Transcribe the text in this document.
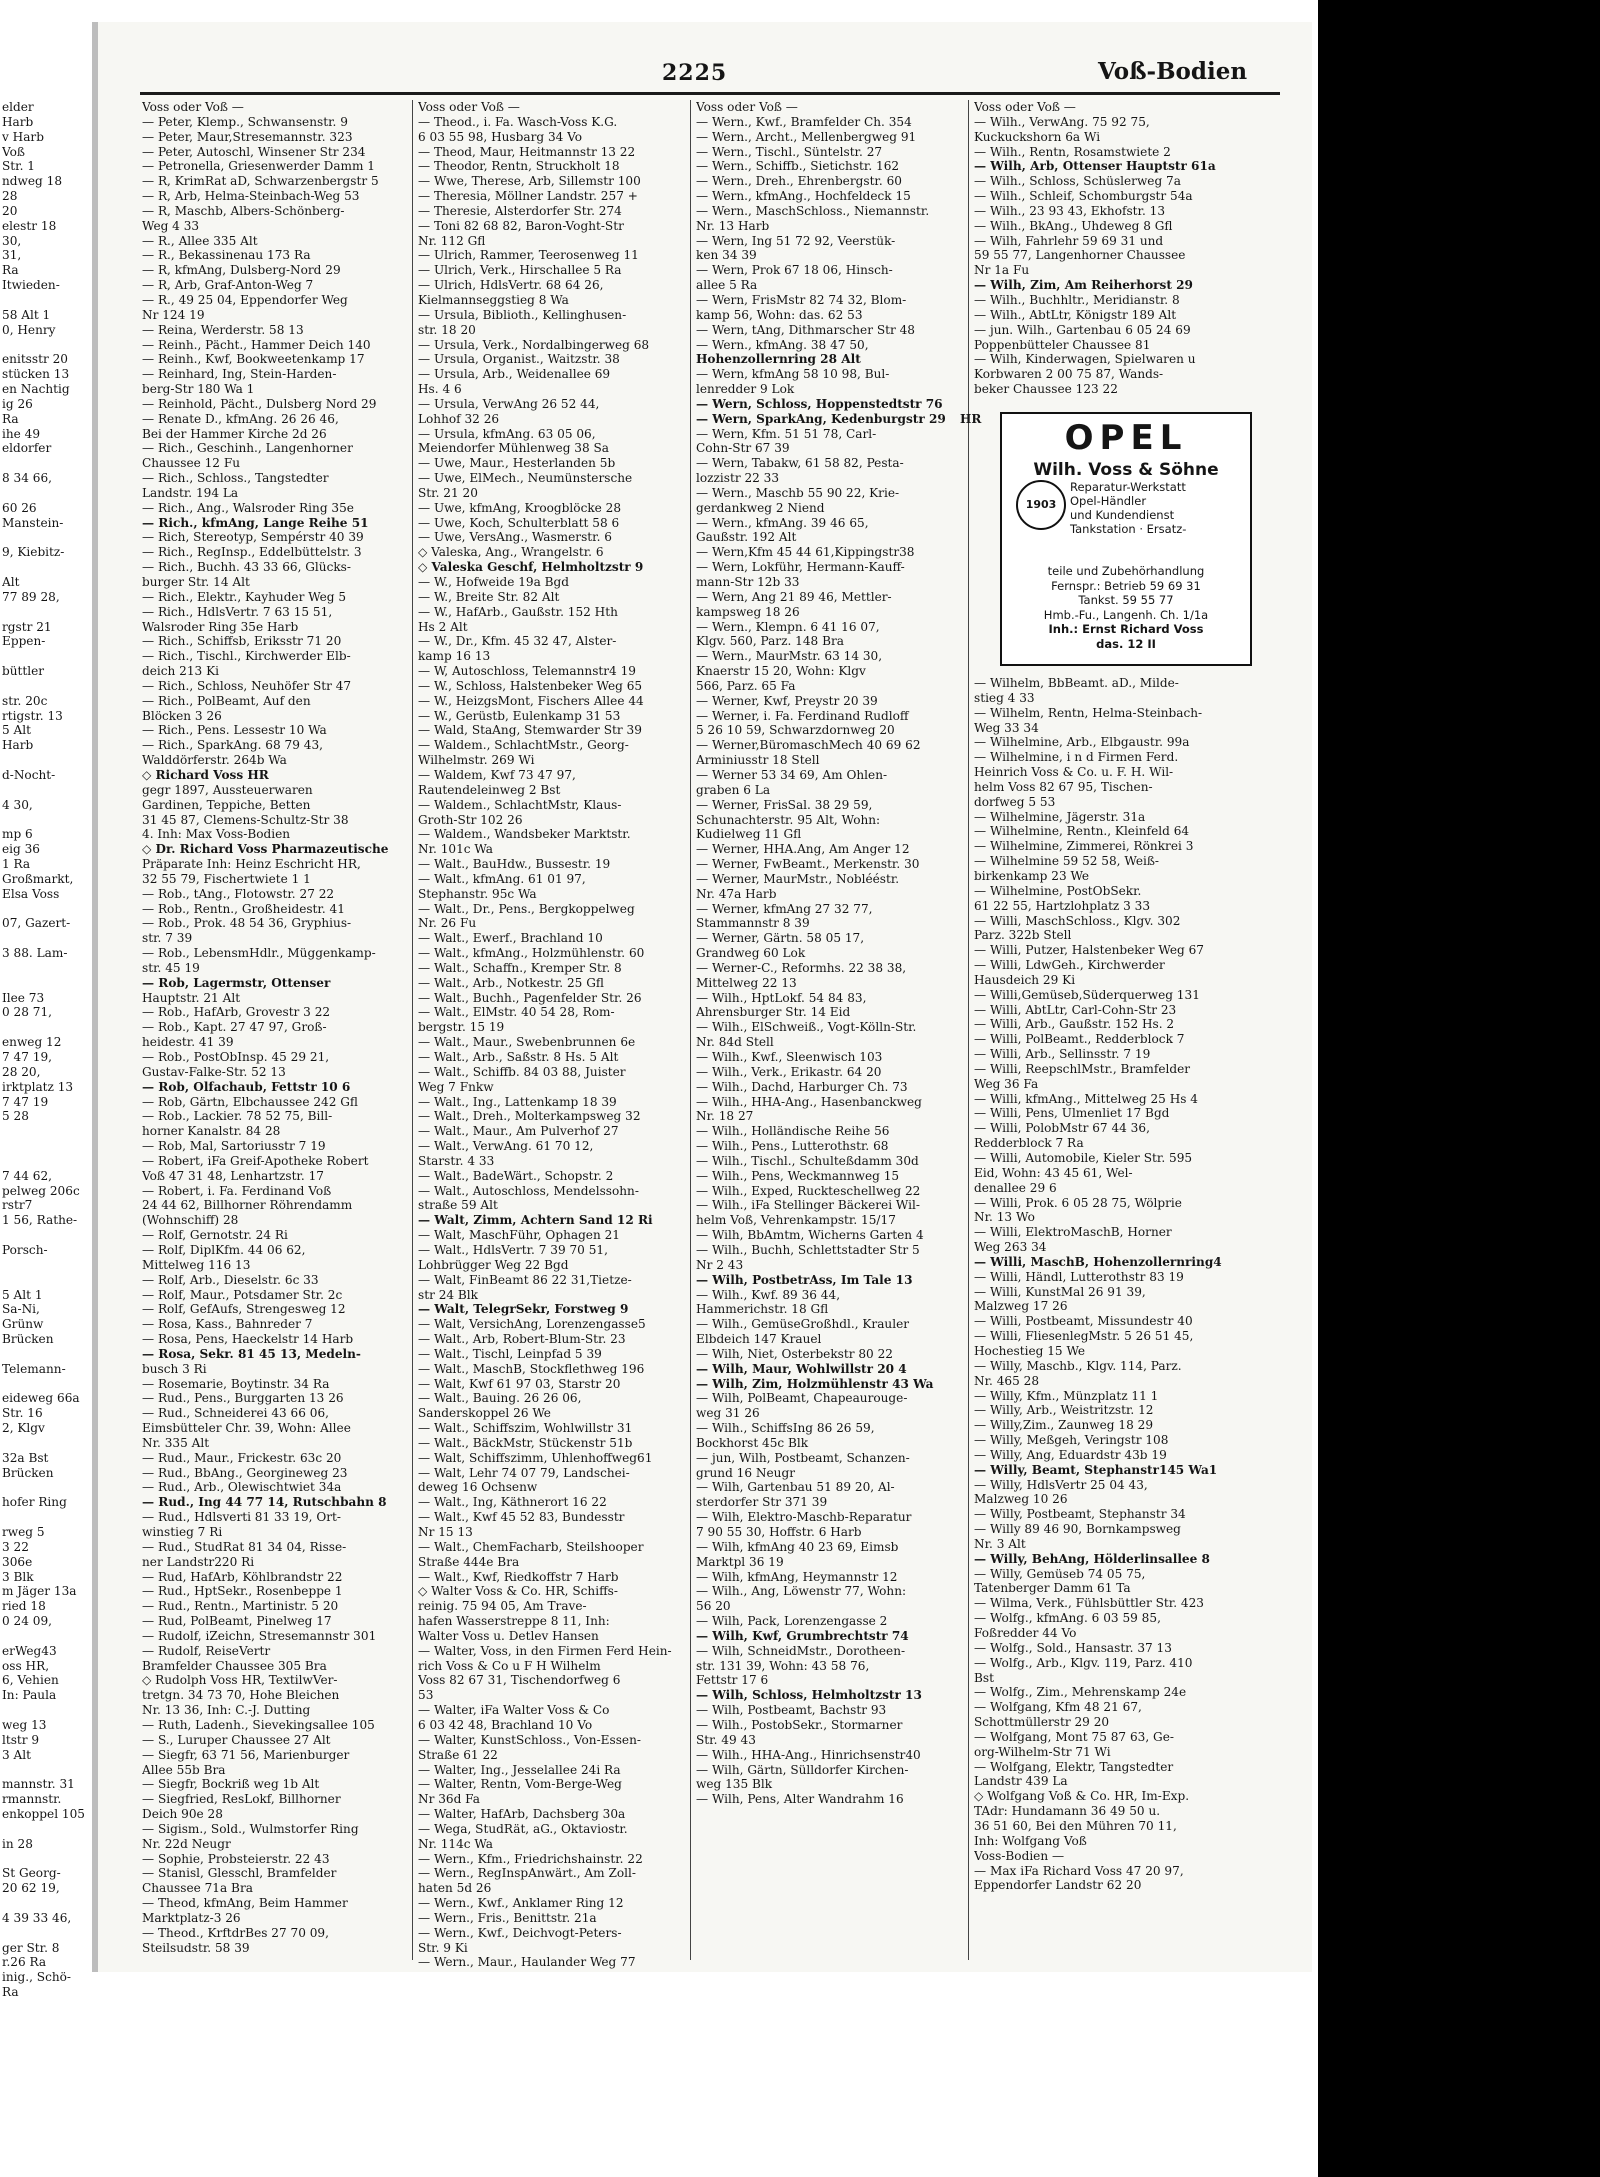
2225	Voß-Bodien
elder
Harb
v Harb
Voß
Str. 1
ndweg 18
28
20
elestr 18
30,
31,
Ra
Itwieden-

58 Alt 1
0, Henry

enitsstr 20
stücken 13
en Nachtig
ig 26
Ra
ihe 49
eldorfer

8 34 66,

60 26
Manstein-

9, Kiebitz-

Alt
77 89 28,

rgstr 21
Eppen-

büttler

str. 20c
rtigstr. 13
5 Alt
Harb

d-Nocht-

4 30,

mp 6
eig 36
1 Ra
Großmarkt,
Elsa Voss

07, Gazert-

3 88. Lam-

Ilee 73
0 28 71,

enweg 12
7 47 19,
28 20,
irktplatz 13
7 47 19
5 28

7 44 62,
pelweg 206c
rstr7
1 56, Rathe-

Porsch-

5 Alt 1
Sa-Ni,
Grünw
Brücken

Telemann-

eideweg 66a
Str. 16
2, Klgv

32a Bst
Brücken

hofer Ring

rweg 5
3 22
306e
3 Blk
m Jäger 13a
ried 18
0 24 09,

erWeg43
oss HR,
6, Vehien
In: Paula

weg 13
ltstr 9
3 Alt

mannstr. 31
rmannstr.
enkoppel 105

in 28

St Georg-
20 62 19,

4 39 33 46,

ger Str. 8
r.26 Ra
inig., Schö-
Ra

Voss oder Voß —
— Peter, Klemp., Schwansenstr. 9
— Peter, Maur,Stresemannstr. 323
— Peter, Autoschl, Winsener Str 234
— Petronella, Griesenwerder Damm 1
— R, KrimRat aD, Schwarzenbergstr 5
— R, Arb, Helma-Steinbach-Weg 53
— R, Maschb, Albers-Schönberg-
Weg 4 33
— R., Allee 335 Alt
— R., Bekassinenau 173 Ra
— R, kfmAng, Dulsberg-Nord 29
— R, Arb, Graf-Anton-Weg 7
— R., 49 25 04, Eppendorfer Weg
Nr 124 19
— Reina, Werderstr. 58 13
— Reinh., Pächt., Hammer Deich 140
— Reinh., Kwf, Bookweetenkamp 17
— Reinhard, Ing, Stein-Harden-
berg-Str 180 Wa 1
— Reinhold, Pächt., Dulsberg Nord 29
— Renate D., kfmAng. 26 26 46,
Bei der Hammer Kirche 2d 26
— Rich., Geschinh., Langenhorner
Chaussee 12 Fu
— Rich., Schloss., Tangstedter
Landstr. 194 La
— Rich., Ang., Walsroder Ring 35e
— Rich., kfmAng, Lange Reihe 51
— Rich, Stereotyp, Sempérstr 40 39
— Rich., RegInsp., Eddelbüttelstr. 3
— Rich., Buchh. 43 33 66, Glücks-
burger Str. 14 Alt
— Rich., Elektr., Kayhuder Weg 5
— Rich., HdlsVertr. 7 63 15 51,
Walsroder Ring 35e Harb
— Rich., Schiffsb, Eriksstr 71 20
— Rich., Tischl., Kirchwerder Elb-
deich 213 Ki
— Rich., Schloss, Neuhöfer Str 47
— Rich., PolBeamt, Auf den
Blöcken 3 26
— Rich., Pens. Lessestr 10 Wa
— Rich., SparkAng. 68 79 43,
Walddörferstr. 264b Wa
◇ Richard Voss HR
gegr 1897, Aussteuerwaren
Gardinen, Teppiche, Betten
31 45 87, Clemens-Schultz-Str 38
4. Inh: Max Voss-Bodien
◇ Dr. Richard Voss Pharmazeutische
Präparate Inh: Heinz Eschricht HR,
32 55 79, Fischertwiete 1 1
— Rob., tAng., Flotowstr. 27 22
— Rob., Rentn., Großheidestr. 41
— Rob., Prok. 48 54 36, Gryphius-
str. 7 39
— Rob., LebensmHdlr., Müggenkamp-
str. 45 19
— Rob, Lagermstr, Ottenser
Hauptstr. 21 Alt
— Rob., HafArb, Grovestr 3 22
— Rob., Kapt. 27 47 97, Groß-
heidestr. 41 39
— Rob., PostObInsp. 45 29 21,
Gustav-Falke-Str. 52 13
— Rob, Olfachaub, Fettstr 10 6
— Rob, Gärtn, Elbchaussee 242 Gfl
— Rob., Lackier. 78 52 75, Bill-
horner Kanalstr. 84 28
— Rob, Mal, Sartoriusstr 7 19
— Robert, iFa Greif-Apotheke Robert
Voß 47 31 48, Lenhartzstr. 17
— Robert, i. Fa. Ferdinand Voß
24 44 62, Billhorner Röhrendamm
(Wohnschiff) 28
— Rolf, Gernotstr. 24 Ri
— Rolf, DiplKfm. 44 06 62,
Mittelweg 116 13
— Rolf, Arb., Dieselstr. 6c 33
— Rolf, Maur., Potsdamer Str. 2c
— Rolf, GefAufs, Strengesweg 12
— Rosa, Kass., Bahnreder 7
— Rosa, Pens, Haeckelstr 14 Harb
— Rosa, Sekr. 81 45 13, Medeln-
busch 3 Ri
— Rosemarie, Boytinstr. 34 Ra
— Rud., Pens., Burggarten 13 26
— Rud., Schneiderei 43 66 06,
Eimsbütteler Chr. 39, Wohn: Allee
Nr. 335 Alt
— Rud., Maur., Frickestr. 63c 20
— Rud., BbAng., Georgineweg 23
— Rud., Arb., Olewischtwiet 34a
— Rud., Ing 44 77 14, Rutschbahn 8
— Rud., Hdlsverti 81 33 19, Ort-
winstieg 7 Ri
— Rud., StudRat 81 34 04, Risse-
ner Landstr220 Ri
— Rud, HafArb, Köhlbrandstr 22
— Rud., HptSekr., Rosenbeppe 1
— Rud., Rentn., Martinistr. 5 20
— Rud, PolBeamt, Pinelweg 17
— Rudolf, iZeichn, Stresemannstr 301
— Rudolf, ReiseVertr
Bramfelder Chaussee 305 Bra
◇ Rudolph Voss HR, TextilwVer-
tretgn. 34 73 70, Hohe Bleichen
Nr. 13 36, Inh: C.-J. Dutting
— Ruth, Ladenh., Sievekingsallee 105
— S., Luruper Chaussee 27 Alt
— Siegfr, 63 71 56, Marienburger
Allee 55b Bra
— Siegfr, Bockriß weg 1b Alt
— Siegfried, ResLokf, Billhorner
Deich 90e 28
— Sigism., Sold., Wulmstorfer Ring
Nr. 22d Neugr
— Sophie, Probsteierstr. 22 43
— Stanisl, Glesschl, Bramfelder
Chaussee 71a Bra
— Theod, kfmAng, Beim Hammer
Marktplatz-3 26
— Theod., KrftdrBes 27 70 09,
Steilsudstr. 58 39
Voss oder Voß —
— Theod., i. Fa. Wasch-Voss K.G.
6 03 55 98, Husbarg 34 Vo
— Theod, Maur, Heitmannstr 13 22
— Theodor, Rentn, Struckholt 18
— Wwe, Therese, Arb, Sillemstr 100
— Theresia, Möllner Landstr. 257 +
— Theresie, Alsterdorfer Str. 274
— Toni 82 68 82, Baron-Voght-Str
Nr. 112 Gfl
— Ulrich, Rammer, Teerosenweg 11
— Ulrich, Verk., Hirschallee 5 Ra
— Ulrich, HdlsVertr. 68 64 26,
Kielmannseggstieg 8 Wa
— Ursula, Biblioth., Kellinghusen-
str. 18 20
— Ursula, Verk., Nordalbingerweg 68
— Ursula, Organist., Waitzstr. 38
— Ursula, Arb., Weidenallee 69
Hs. 4 6
— Ursula, VerwAng 26 52 44,
Lohhof 32 26
— Ursula, kfmAng. 63 05 06,
Meiendorfer Mühlenweg 38 Sa
— Uwe, Maur., Hesterlanden 5b
— Uwe, ElMech., Neumünstersche
Str. 21 20
— Uwe, kfmAng, Kroogblöcke 28
— Uwe, Koch, Schulterblatt 58 6
— Uwe, VersAng., Wasmerstr. 6
◇ Valeska, Ang., Wrangelstr. 6
◇ Valeska Geschf, Helmholtzstr 9
— W., Hofweide 19a Bgd
— W., Breite Str. 82 Alt
— W., HafArb., Gaußstr. 152 Hth
Hs 2 Alt
— W., Dr., Kfm. 45 32 47, Alster-
kamp 16 13
— W, Autoschloss, Telemannstr4 19
— W., Schloss, Halstenbeker Weg 65
— W., HeizgsMont, Fischers Allee 44
— W., Gerüstb, Eulenkamp 31 53
— Wald, StaAng, Stemwarder Str 39
— Waldem., SchlachtMstr., Georg-
Wilhelmstr. 269 Wi
— Waldem, Kwf 73 47 97,
Rautendeleinweg 2 Bst
— Waldem., SchlachtMstr, Klaus-
Groth-Str 102 26
— Waldem., Wandsbeker Marktstr.
Nr. 101c Wa
— Walt., BauHdw., Bussestr. 19
— Walt., kfmAng. 61 01 97,
Stephanstr. 95c Wa
— Walt., Dr., Pens., Bergkoppelweg
Nr. 26 Fu
— Walt., Ewerf., Brachland 10
— Walt., kfmAng., Holzmühlenstr. 60
— Walt., Schaffn., Kremper Str. 8
— Walt., Arb., Notkestr. 25 Gfl
— Walt., Buchh., Pagenfelder Str. 26
— Walt., ElMstr. 40 54 28, Rom-
bergstr. 15 19
— Walt., Maur., Swebenbrunnen 6e
— Walt., Arb., Saßstr. 8 Hs. 5 Alt
— Walt., Schiffb. 84 03 88, Juister
Weg 7 Fnkw
— Walt., Ing., Lattenkamp 18 39
— Walt., Dreh., Molterkampsweg 32
— Walt., Maur., Am Pulverhof 27
— Walt., VerwAng. 61 70 12,
Starstr. 4 33
— Walt., BadeWärt., Schopstr. 2
— Walt., Autoschloss, Mendelssohn-
straße 59 Alt
— Walt, Zimm, Achtern Sand 12 Ri
— Walt, MaschFühr, Ophagen 21
— Walt., HdlsVertr. 7 39 70 51,
Lohbrügger Weg 22 Bgd
— Walt, FinBeamt 86 22 31,Tietze-
str 24 Blk
— Walt, TelegrSekr, Forstweg 9
— Walt, VersichAng, Lorenzengasse5
— Walt., Arb, Robert-Blum-Str. 23
— Walt., Tischl, Leinpfad 5 39
— Walt., MaschB, Stockflethweg 196
— Walt, Kwf 61 97 03, Starstr 20
— Walt., Bauing. 26 26 06,
Sanderskoppel 26 We
— Walt., Schiffszim, Wohlwillstr 31
— Walt., BäckMstr, Stückenstr 51b
— Walt, Schiffszimm, Uhlenhoffweg61
— Walt, Lehr 74 07 79, Landschei-
deweg 16 Ochsenw
— Walt., Ing, Käthnerort 16 22
— Walt., Kwf 45 52 83, Bundesstr
Nr 15 13
— Walt., ChemFacharb, Steilshooper
Straße 444e Bra
— Walt., Kwf, Riedkoffstr 7 Harb
◇ Walter Voss & Co. HR, Schiffs-
reinig. 75 94 05, Am Trave-
hafen Wasserstreppe 8 11, Inh:
Walter Voss u. Detlev Hansen
— Walter, Voss, in den Firmen Ferd Hein-
rich Voss & Co u F H Wilhelm
Voss 82 67 31, Tischendorfweg 6
53
— Walter, iFa Walter Voss & Co
6 03 42 48, Brachland 10 Vo
— Walter, KunstSchloss., Von-Essen-
Straße 61 22
— Walter, Ing., Jesselallee 24i Ra
— Walter, Rentn, Vom-Berge-Weg
Nr 36d Fa
— Walter, HafArb, Dachsberg 30a
— Wega, StudRät, aG., Oktaviostr.
Nr. 114c Wa
— Wern., Kfm., Friedrichshainstr. 22
— Wern., RegInspAnwärt., Am Zoll-
haten 5d 26
— Wern., Kwf., Anklamer Ring 12
— Wern., Fris., Benittstr. 21a
— Wern., Kwf., Deichvogt-Peters-
Str. 9 Ki
— Wern., Maur., Haulander Weg 77
Voss oder Voß —
— Wern., Kwf., Bramfelder Ch. 354
— Wern., Archt., Mellenbergweg 91
— Wern., Tischl., Süntelstr. 27
— Wern., Schiffb., Sietichstr. 162
— Wern., Dreh., Ehrenbergstr. 60
— Wern., kfmAng., Hochfeldeck 15
— Wern., MaschSchloss., Niemannstr.
Nr. 13 Harb
— Wern, Ing 51 72 92, Veerstük-
ken 34 39
— Wern, Prok 67 18 06, Hinsch-
allee 5 Ra
— Wern, FrisMstr 82 74 32, Blom-
kamp 56, Wohn: das. 62 53
— Wern, tAng, Dithmarscher Str 48
— Wern., kfmAng. 38 47 50,
Hohenzollernring 28 Alt
— Wern, kfmAng 58 10 98, Bul-
lenredder 9 Lok
— Wern, Schloss, Hoppenstedtstr 76
— Wern, SparkAng, Kedenburgstr 29
— Wern, Kfm. 51 51 78, Carl-
Cohn-Str 67 39
— Wern, Tabakw, 61 58 82, Pesta-
lozzistr 22 33
— Wern., Maschb 55 90 22, Krie-
gerdankweg 2 Niend
— Wern., kfmAng. 39 46 65,
Gaußstr. 192 Alt
— Wern,Kfm 45 44 61,Kippingstr38
— Wern, Lokführ, Hermann-Kauff-
mann-Str 12b 33
— Wern, Ang 21 89 46, Mettler-
kampsweg 18 26
— Wern., Klempn. 6 41 16 07,
Klgv. 560, Parz. 148 Bra
— Wern., MaurMstr. 63 14 30,
Knaerstr 15 20, Wohn: Klgv
566, Parz. 65 Fa
— Werner, Kwf, Preystr 20 39
— Werner, i. Fa. Ferdinand Rudloff
5 26 10 59, Schwarzdornweg 20
— Werner,BüromaschMech 40 69 62
Arminiusstr 18 Stell
— Werner 53 34 69, Am Ohlen-
graben 6 La
— Werner, FrisSal. 38 29 59,
Schunachterstr. 95 Alt, Wohn:
Kudielweg 11 Gfl
— Werner, HHA.Ang, Am Anger 12
— Werner, FwBeamt., Merkenstr. 30
— Werner, MaurMstr., Noblééstr.
Nr. 47a Harb
— Werner, kfmAng 27 32 77,
Stammannstr 8 39
— Werner, Gärtn. 58 05 17,
Grandweg 60 Lok
— Werner-C., Reformhs. 22 38 38,
Mittelweg 22 13
— Wilh., HptLokf. 54 84 83,
Ahrensburger Str. 14 Eid
— Wilh., ElSchweiß., Vogt-Kölln-Str.
Nr. 84d Stell
— Wilh., Kwf., Sleenwisch 103
— Wilh., Verk., Erikastr. 64 20
— Wilh., Dachd, Harburger Ch. 73
— Wilh., HHA-Ang., Hasenbanckweg
Nr. 18 27
— Wilh., Holländische Reihe 56
— Wilh., Pens., Lutterothstr. 68
— Wilh., Tischl., Schulteßdamm 30d
— Wilh., Pens, Weckmannweg 15
— Wilh., Exped, Ruckteschellweg 22
— Wilh., iFa Stellinger Bäckerei Wil-
helm Voß, Vehrenkampstr. 15/17
— Wilh, BbAmtm, Wicherns Garten 4
— Wilh., Buchh, Schlettstadter Str 5
Nr 2 43
— Wilh, PostbetrAss, Im Tale 13
— Wilh., Kwf. 89 36 44,
Hammerichstr. 18 Gfl
— Wilh., GemüseGroßhdl., Krauler
Elbdeich 147 Krauel
— Wilh, Niet, Osterbekstr 80 22
— Wilh, Maur, Wohlwillstr 20 4
— Wilh, Zim, Holzmühlenstr 43 Wa
— Wilh, PolBeamt, Chapeaurouge-
weg 31 26
— Wilh., SchiffsIng 86 26 59,
Bockhorst 45c Blk
— jun, Wilh, Postbeamt, Schanzen-
grund 16 Neugr
— Wilh, Gartenbau 51 89 20, Al-
sterdorfer Str 371 39
— Wilh, Elektro-Maschb-Reparatur
7 90 55 30, Hoffstr. 6 Harb
— Wilh, kfmAng 40 23 69, Eimsb
Marktpl 36 19
— Wilh, kfmAng, Heymannstr 12
— Wilh., Ang, Löwenstr 77, Wohn:
56 20
— Wilh, Pack, Lorenzengasse 2
— Wilh, Kwf, Grumbrechtstr 74
— Wilh, SchneidMstr., Dorotheen-
str. 131 39, Wohn: 43 58 76,
Fettstr 17 6
— Wilh, Schloss, Helmholtzstr 13
— Wilh, Postbeamt, Bachstr 93
— Wilh., PostobSekr., Stormarner
Str. 49 43
— Wilh., HHA-Ang., Hinrichsenstr40
— Wilh, Gärtn, Sülldorfer Kirchen-
weg 135 Blk
— Wilh, Pens, Alter Wandrahm 16
Voss oder Voß —
— Wilh., VerwAng. 75 92 75,
Kuckuckshorn 6a Wi
— Wilh., Rentn, Rosamstwiete 2
— Wilh, Arb, Ottenser Hauptstr 61a
— Wilh., Schloss, Schüslerweg 7a
— Wilh., Schleif, Schomburgstr 54a
— Wilh., 23 93 43, Ekhofstr. 13
— Wilh., BkAng., Uhdeweg 8 Gfl
— Wilh, Fahrlehr 59 69 31 und
59 55 77, Langenhorner Chaussee
Nr 1a Fu
— Wilh, Zim, Am Reiherhorst 29
— Wilh., Buchhltr., Meridianstr. 8
— Wilh., AbtLtr, Königstr 189 Alt
— jun. Wilh., Gartenbau 6 05 24 69
Poppenbütteler Chaussee 81
— Wilh, Kinderwagen, Spielwaren u
Korbwaren 2 00 75 87, Wands-
beker Chaussee 123 22
— Wilhelm, BbBeamt. aD., Milde-
stieg 4 33
— Wilhelm, Rentn, Helma-Steinbach-
Weg 33 34
— Wilhelmine, Arb., Elbgaustr. 99a
— Wilhelmine, i n d Firmen Ferd.
Heinrich Voss & Co. u. F. H. Wil-
helm Voss 82 67 95, Tischen-
dorfweg 5 53
— Wilhelmine, Jägerstr. 31a
— Wilhelmine, Rentn., Kleinfeld 64
— Wilhelmine, Zimmerei, Rönkrei 3
— Wilhelmine 59 52 58, Weiß-
birkenkamp 23 We
— Wilhelmine, PostObSekr.
61 22 55, Hartzlohplatz 3 33
— Willi, MaschSchloss., Klgv. 302
Parz. 322b Stell
— Willi, Putzer, Halstenbeker Weg 67
— Willi, LdwGeh., Kirchwerder
Hausdeich 29 Ki
— Willi,Gemüseb,Süderquerweg 131
— Willi, AbtLtr, Carl-Cohn-Str 23
— Willi, Arb., Gaußstr. 152 Hs. 2
— Willi, PolBeamt., Redderblock 7
— Willi, Arb., Sellinsstr. 7 19
— Willi, ReepschlMstr., Bramfelder
Weg 36 Fa
— Willi, kfmAng., Mittelweg 25 Hs 4
— Willi, Pens, Ulmenliet 17 Bgd
— Willi, PolobMstr 67 44 36,
Redderblock 7 Ra
— Willi, Automobile, Kieler Str. 595
Eid, Wohn: 43 45 61, Wel-
denallee 29 6
— Willi, Prok. 6 05 28 75, Wölprie
Nr. 13 Wo
— Willi, ElektroMaschB, Horner
Weg 263 34
— Willi, MaschB, Hohenzollernring4
— Willi, Händl, Lutterothstr 83 19
— Willi, KunstMal 26 91 39,
Malzweg 17 26
— Willi, Postbeamt, Missundestr 40
— Willi, FliesenlegMstr. 5 26 51 45,
Hochestieg 15 We
— Willy, Maschb., Klgv. 114, Parz.
Nr. 465 28
— Willy, Kfm., Münzplatz 11 1
— Willy, Arb., Weistritzstr. 12
— Willy,Zim., Zaunweg 18 29
— Willy, Meßgeh, Veringstr 108
— Willy, Ang, Eduardstr 43b 19
— Willy, Beamt, Stephanstr145 Wa1
— Willy, HdlsVertr 25 04 43,
Malzweg 10 26
— Willy, Postbeamt, Stephanstr 34
— Willy 89 46 90, Bornkampsweg
Nr. 3 Alt
— Willy, BehAng, Hölderlinsallee 8
— Willy, Gemüseb 74 05 75,
Tatenberger Damm 61 Ta
— Wilma, Verk., Fühlsbüttler Str. 423
— Wolfg., kfmAng. 6 03 59 85,
Foßredder 44 Vo
— Wolfg., Sold., Hansastr. 37 13
— Wolfg., Arb., Klgv. 119, Parz. 410
Bst
— Wolfg., Zim., Mehrenskamp 24e
— Wolfgang, Kfm 48 21 67,
Schottmüllerstr 29 20
— Wolfgang, Mont 75 87 63, Ge-
org-Wilhelm-Str 71 Wi
— Wolfgang, Elektr, Tangstedter
Landstr 439 La
◇ Wolfgang Voß & Co. HR, Im-Exp.
TAdr: Hundamann 36 49 50 u.
36 51 60, Bei den Mühren 70 11,
Inh: Wolfgang Voß
Voss-Bodien —
— Max iFa Richard Voss 47 20 97,
Eppendorfer Landstr 62 20
HR	OPEL
Wilh. Voss & Söhne
1903
Reparatur-Werkstatt
Opel-Händler
und Kundendienst
Tankstation · Ersatz-
teile und Zubehörhandlung
Fernspr.: Betrieb 59 69 31
Tankst. 59 55 77
Hmb.-Fu., Langenh. Ch. 1/1a
Inh.: Ernst Richard Voss
das. 12 II
